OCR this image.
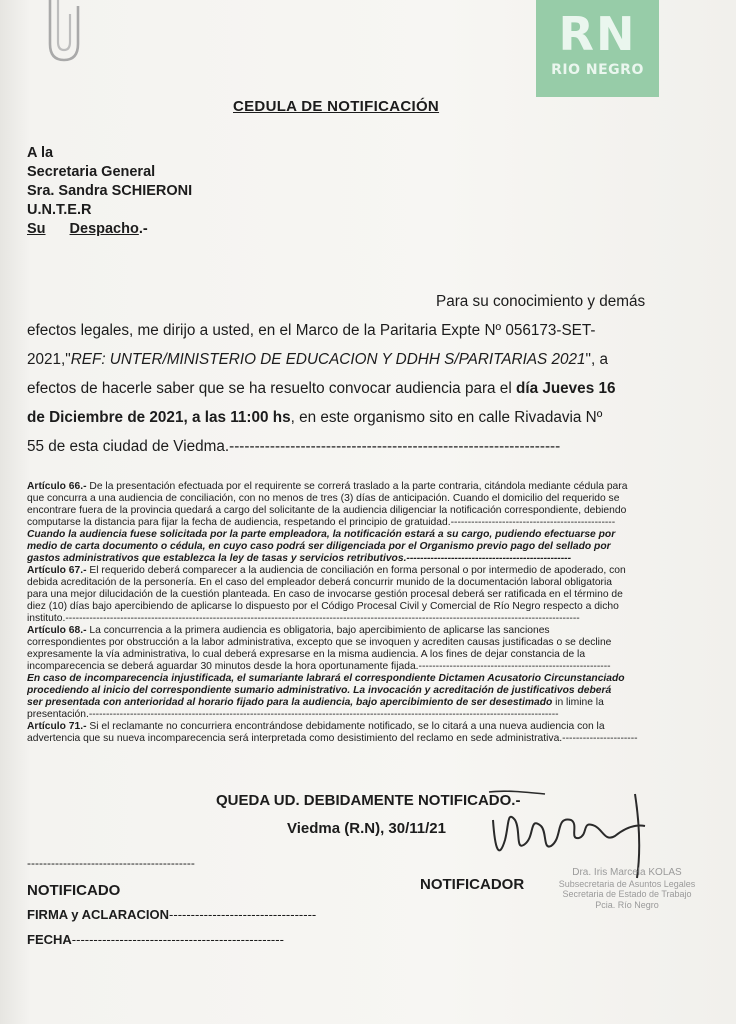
RN
RIO NEGRO
CEDULA DE NOTIFICACIÓN
A la
Secretaria General
Sra. Sandra SCHIERONI
U.N.T.E.R
Su Despacho.-
Para su conocimiento y demás
efectos legales, me dirijo a usted, en el Marco de la Paritaria Expte Nº 056173-SET-
2021,"REF: UNTER/MINISTERIO DE EDUCACION Y DDHH S/PARITARIAS 2021", a
efectos de hacerle saber que se ha resuelto convocar audiencia para el día Jueves 16
de Diciembre de 2021, a las 11:00 hs, en este organismo sito en calle Rivadavia Nº
55 de esta ciudad de Viedma.-----------------------------------------------------------------
Artículo 66.- De la presentación efectuada por el requirente se correrá traslado a la parte contraria, citándola mediante cédula para
que concurra a una audiencia de conciliación, con no menos de tres (3) días de anticipación. Cuando el domicilio del requerido se
encontrare fuera de la provincia quedará a cargo del solicitante de la audiencia diligenciar la notificación correspondiente, debiendo
computarse la distancia para fijar la fecha de audiencia, respetando el principio de gratuidad.------------------------------------------------
Cuando la audiencia fuese solicitada por la parte empleadora, la notificación estará a su cargo, pudiendo efectuarse por
medio de carta documento o cédula, en cuyo caso podrá ser diligenciada por el Organismo previo pago del sellado por
gastos administrativos que establezca la ley de tasas y servicios retributivos.------------------------------------------------
Artículo 67.- El requerido deberá comparecer a la audiencia de conciliación en forma personal o por intermedio de apoderado, con
debida acreditación de la personería. En el caso del empleador deberá concurrir munido de la documentación laboral obligatoria
para una mejor dilucidación de la cuestión planteada. En caso de invocarse gestión procesal deberá ser ratificada en el término de
diez (10) días bajo apercibiendo de aplicarse lo dispuesto por el Código Procesal Civil y Comercial de Río Negro respecto a dicho
instituto.------------------------------------------------------------------------------------------------------------------------------------------------------
Artículo 68.- La concurrencia a la primera audiencia es obligatoria, bajo apercibimiento de aplicarse las sanciones
correspondientes por obstrucción a la labor administrativa, excepto que se invoquen y acrediten causas justificadas o se decline
expresamente la vía administrativa, lo cual deberá expresarse en la misma audiencia. A los fines de dejar constancia de la
incomparecencia se deberá aguardar 30 minutos desde la hora oportunamente fijada.--------------------------------------------------------
En caso de incomparecencia injustificada, el sumariante labrará el correspondiente Dictamen Acusatorio Circunstanciado
procediendo al inicio del correspondiente sumario administrativo. La invocación y acreditación de justificativos deberá
ser presentada con anterioridad al horario fijado para la audiencia, bajo apercibimiento de ser desestimado in limine la
presentación.-----------------------------------------------------------------------------------------------------------------------------------------
Artículo 71.- Si el reclamante no concurriera encontrándose debidamente notificado, se lo citará a una nueva audiencia con la
advertencia que su nueva incomparecencia será interpretada como desistimiento del reclamo en sede administrativa.----------------------
QUEDA UD. DEBIDAMENTE NOTIFICADO.-
Viedma (R.N), 30/11/21
------------------------------------------
NOTIFICADO	NOTIFICADOR
FIRMA y ACLARACION----------------------------------
FECHA-------------------------------------------------
Dra. Iris Marcela KOLAS
Subsecretaria de Asuntos Legales
Secretaria de Estado de Trabajo
Pcia. Río Negro
